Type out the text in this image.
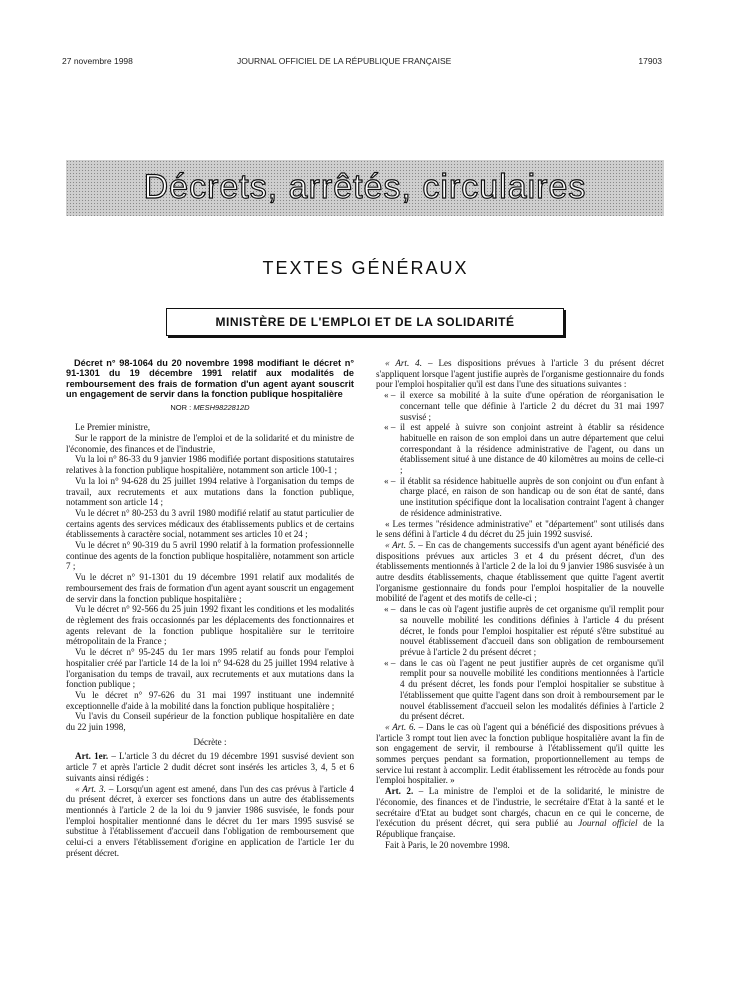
27 novembre 1998	JOURNAL OFFICIEL DE LA RÉPUBLIQUE FRANÇAISE	17903
Décrets, arrêtés, circulaires
TEXTES GÉNÉRAUX
MINISTÈRE DE L'EMPLOI ET DE LA SOLIDARITÉ
Décret n° 98-1064 du 20 novembre 1998 modifiant le décret n° 91-1301 du 19 décembre 1991 relatif aux modalités de remboursement des frais de formation d'un agent ayant souscrit un engagement de servir dans la fonction publique hospitalière
NOR : MESH9822812D

Le Premier ministre,

Sur le rapport de la ministre de l'emploi et de la solidarité et du ministre de l'économie, des finances et de l'industrie,

Vu la loi n° 86-33 du 9 janvier 1986 modifiée portant dispositions statutaires relatives à la fonction publique hospitalière, notamment son article 100-1 ;

Vu la loi n° 94-628 du 25 juillet 1994 relative à l'organisation du temps de travail, aux recrutements et aux mutations dans la fonction publique, notamment son article 14 ;

Vu le décret n° 80-253 du 3 avril 1980 modifié relatif au statut particulier de certains agents des services médicaux des établissements publics et de certains établissements à caractère social, notamment ses articles 10 et 24 ;

Vu le décret n° 90-319 du 5 avril 1990 relatif à la formation professionnelle continue des agents de la fonction publique hospitalière, notamment son article 7 ;

Vu le décret n° 91-1301 du 19 décembre 1991 relatif aux modalités de remboursement des frais de formation d'un agent ayant souscrit un engagement de servir dans la fonction publique hospitalière ;

Vu le décret n° 92-566 du 25 juin 1992 fixant les conditions et les modalités de règlement des frais occasionnés par les déplacements des fonctionnaires et agents relevant de la fonction publique hospitalière sur le territoire métropolitain de la France ;

Vu le décret n° 95-245 du 1er mars 1995 relatif au fonds pour l'emploi hospitalier créé par l'article 14 de la loi n° 94-628 du 25 juillet 1994 relative à l'organisation du temps de travail, aux recrutements et aux mutations dans la fonction publique ;

Vu le décret n° 97-626 du 31 mai 1997 instituant une indemnité exceptionnelle d'aide à la mobilité dans la fonction publique hospitalière ;

Vu l'avis du Conseil supérieur de la fonction publique hospitalière en date du 22 juin 1998,

Décrète :

Art. 1er. – L'article 3 du décret du 19 décembre 1991 susvisé devient son article 7 et après l'article 2 dudit décret sont insérés les articles 3, 4, 5 et 6 suivants ainsi rédigés :

« Art. 3. – Lorsqu'un agent est amené, dans l'un des cas prévus à l'article 4 du présent décret, à exercer ses fonctions dans un autre des établissements mentionnés à l'article 2 de la loi du 9 janvier 1986 susvisée, le fonds pour l'emploi hospitalier mentionné dans le décret du 1er mars 1995 susvisé se substitue à l'établissement d'accueil dans l'obligation de remboursement que celui-ci a envers l'établissement d'origine en application de l'article 1er du présent décret.

« Art. 4. – Les dispositions prévues à l'article 3 du présent décret s'appliquent lorsque l'agent justifie auprès de l'organisme gestionnaire du fonds pour l'emploi hospitalier qu'il est dans l'une des situations suivantes :

« – il exerce sa mobilité à la suite d'une opération de réorganisation le concernant telle que définie à l'article 2 du décret du 31 mai 1997 susvisé ;
« – il est appelé à suivre son conjoint astreint à établir sa résidence habituelle en raison de son emploi dans un autre département que celui correspondant à la résidence administrative de l'agent, ou dans un établissement situé à une distance de 40 kilomètres au moins de celle-ci ;
« – il établit sa résidence habituelle auprès de son conjoint ou d'un enfant à charge placé, en raison de son handicap ou de son état de santé, dans une institution spécifique dont la localisation contraint l'agent à changer de résidence administrative.

« Les termes "résidence administrative" et "département" sont utilisés dans le sens défini à l'article 4 du décret du 25 juin 1992 susvisé.

« Art. 5. – En cas de changements successifs d'un agent ayant bénéficié des dispositions prévues aux articles 3 et 4 du présent décret, d'un des établissements mentionnés à l'article 2 de la loi du 9 janvier 1986 susvisée à un autre desdits établissements, chaque établissement que quitte l'agent avertit l'organisme gestionnaire du fonds pour l'emploi hospitalier de la nouvelle mobilité de l'agent et des motifs de celle-ci ;

« – dans le cas où l'agent justifie auprès de cet organisme qu'il remplit pour sa nouvelle mobilité les conditions définies à l'article 4 du présent décret, le fonds pour l'emploi hospitalier est réputé s'être substitué au nouvel établissement d'accueil dans son obligation de remboursement prévue à l'article 2 du présent décret ;
« – dans le cas où l'agent ne peut justifier auprès de cet organisme qu'il remplit pour sa nouvelle mobilité les conditions mentionnées à l'article 4 du présent décret, les fonds pour l'emploi hospitalier se substitue à l'établissement que quitte l'agent dans son droit à remboursement par le nouvel établissement d'accueil selon les modalités définies à l'article 2 du présent décret.

« Art. 6. – Dans le cas où l'agent qui a bénéficié des dispositions prévues à l'article 3 rompt tout lien avec la fonction publique hospitalière avant la fin de son engagement de servir, il rembourse à l'établissement qu'il quitte les sommes perçues pendant sa formation, proportionnellement au temps de service lui restant à accomplir. Ledit établissement les rétrocède au fonds pour l'emploi hospitalier. »

Art. 2. – La ministre de l'emploi et de la solidarité, le ministre de l'économie, des finances et de l'industrie, le secrétaire d'Etat à la santé et le secrétaire d'Etat au budget sont chargés, chacun en ce qui le concerne, de l'exécution du présent décret, qui sera publié au Journal officiel de la République française.

Fait à Paris, le 20 novembre 1998.
